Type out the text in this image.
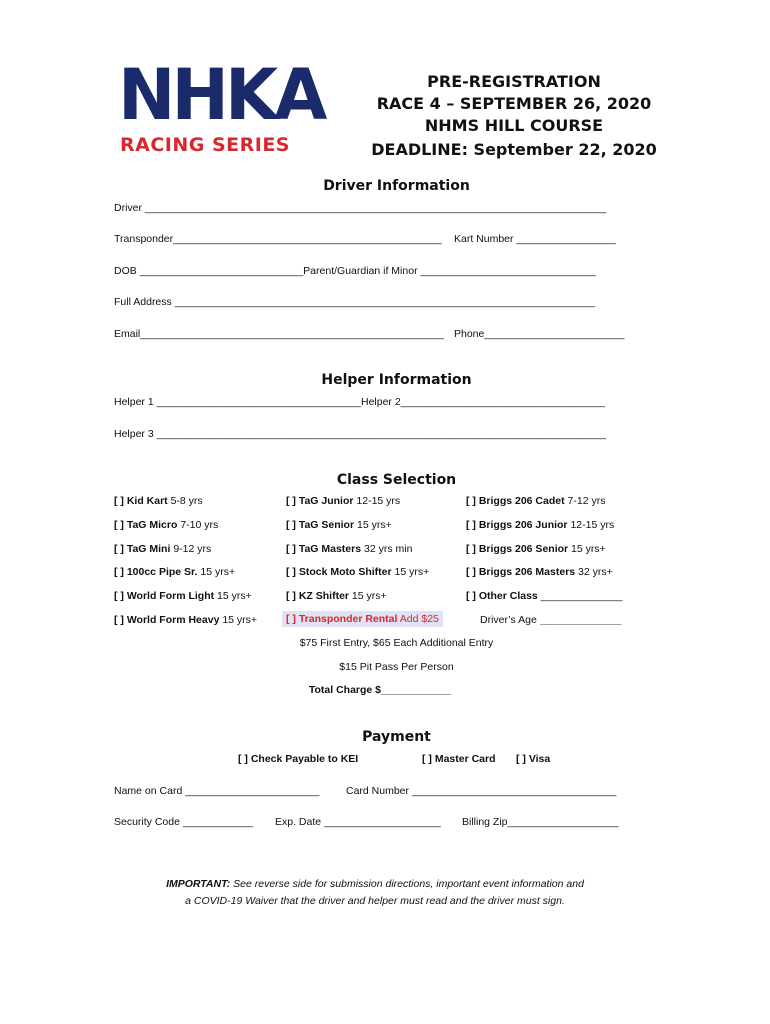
NHKA
RACING SERIES
PRE-REGISTRATION
RACE 4 – SEPTEMBER 26, 2020
NHMS HILL COURSE
DEADLINE: September 22, 2020
Driver Information
Driver _______________________________________________________________________________
Transponder______________________________________________ Kart Number _________________
DOB ____________________________Parent/Guardian if Minor ______________________________
Full Address ________________________________________________________________________
Email____________________________________________________ Phone________________________
Helper Information
Helper 1 ___________________________________Helper 2___________________________________
Helper 3 _____________________________________________________________________________
Class Selection
[ ] Kid Kart 5-8 yrs
[ ] TaG Micro 7-10 yrs
[ ] TaG Mini 9-12 yrs
[ ] 100cc Pipe Sr. 15 yrs+
[ ] World Form Light 15 yrs+
[ ] World Form Heavy 15 yrs+
[ ] TaG Junior 12-15 yrs
[ ] TaG Senior 15 yrs+
[ ] TaG Masters 32 yrs min
[ ] Stock Moto Shifter 15 yrs+
[ ] KZ Shifter 15 yrs+
[ ] Transponder Rental Add $25
[ ] Briggs 206 Cadet 7-12 yrs
[ ] Briggs 206 Junior 12-15 yrs
[ ] Briggs 206 Senior 15 yrs+
[ ] Briggs 206 Masters 32 yrs+
[ ] Other Class ______________
Driver’s Age ______________
$75 First Entry, $65 Each Additional Entry
$15 Pit Pass Per Person
Total Charge $____________
Payment
[ ] Check Payable to KEI	[ ] Master Card [ ] Visa
Name on Card _______________________	Card Number ___________________________________
Security Code ____________ Exp. Date ____________________ Billing Zip___________________
IMPORTANT: See reverse side for submission directions, important event information and
a COVID-19 Waiver that the driver and helper must read and the driver must sign.
